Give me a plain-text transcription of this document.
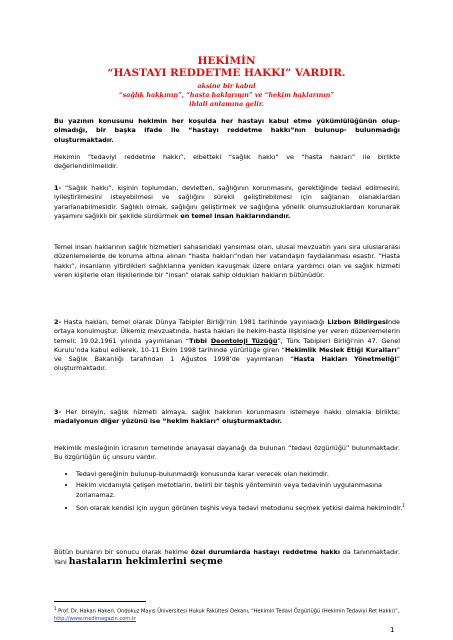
HEKİMİN
“HASTAYI REDDETME HAKKI” VARDIR.
aksine bir kabul
“sağlık hakkının”, “hasta haklarının” ve “hekim haklarının”
ihlali anlamına gelir.
Bu yazının konusunu hekimin her koşulda her hastayı kabul etme yükümlülüğünün olup-olmadığı, bir başka ifade ile “hastayı reddetme hakkı”nın bulunup- bulunmadığı oluşturmaktadır.
Hekimin “tedaviyi reddetme hakkı”, elbetteki “sağlık hakkı” ve “hasta hakları” ile birlikte değerlendirilmelidir.
1- “Sağlık hakkı”, kişinin toplumdan, devletten, sağlığının korunmasını, gerektiğinde tedavi edilmesini, iyileştirilmesini isteyebilmesi ve sağlığını sürekli geliştirebilmesi için sağlanan olanaklardan yararlanabilmesidir. Sağlıklı olmak, sağlığını geliştirmek ve sağlığına yönelik olumsuzluklardan korunarak yaşamını sağlıklı bir şekilde sürdürmek en temel insan haklarındandır.
Temel insan haklarının sağlık hizmetleri sahasındaki yansıması olan, ulusal mevzuatın yanı sıra uluslararası düzenlemelerde de koruma altına alınan “hasta hakları”ndan her vatandaşın faydalanması esastır. “Hasta hakkı”, insanların yitirdikleri sağlıklarına yeniden kavuşmak üzere onlara yardımcı olan ve sağlık hizmeti veren kişilerle olan ilişkilerinde bir “insan” olarak sahip oldukları hakların bütünüdür.
2- Hasta hakları, temel olarak Dünya Tabipler Birliği’nin 1981 tarihinde yayınladığı Lizbon Bildirgesinde ortaya konulmuştur. Ülkemiz mevzuatında, hasta hakları ile hekim-hasta ilişkisine yer veren düzenlemelerin temeli; 19.02.1961 yılında yayımlanan “Tıbbi Deontoloji Tüzüğü”, Türk Tabipleri Birliği’nin 47. Genel Kurulu’nda kabul edilerek, 10-11 Ekim 1998 tarihinde yürürlüğe giren “Hekimlik Meslek Etiği Kuralları” ve Sağlık Bakanlığı tarafından 1 Ağustos 1998’de yayımlanan “Hasta Hakları Yönetmeliği” oluşturmaktadır.
3- Her bireyin, sağlık hizmeti almaya, sağlık hakkının korunmasını istemeye hakkı olmakla birlikte; madalyonun diğer yüzünü ise “hekim hakları” oluşturmaktadır.
Hekimlik mesleğinin icrasının temelinde anayasal dayanağı da bulunan “tedavi özgürlüğü” bulunmaktadır. Bu özgürlüğün üç unsuru vardır.
• Tedavi gereğinin bulunup-bulunmadığı konusunda karar verecek olan hekimdir.
• Hekim vicdanıyla çelişen metotların, belirli bir teşhis yönteminin veya tedavinin uygulanmasına zorlanamaz.
• Son olarak kendisi için uygun görünen teşhis veya tedavi metodunu seçmek yetkisi daima hekimindir.$^1$
Bütün bunların bir sonucu olarak hekime özel durumlarda hastayı reddetme hakkı da tanınmaktadır. Yani hastaların hekimlerini seçme
$^1$ Prof. Dr. Hakan Hakeri, Ondokuz Mayıs Üniversitesi Hukuk Fakültesi Dekanı, “Hekimin Tedavi Özgürlüğü (Hekimin Tedaviyi Ret Hakkı)”, http://www.medimagazin.com.tr
1
